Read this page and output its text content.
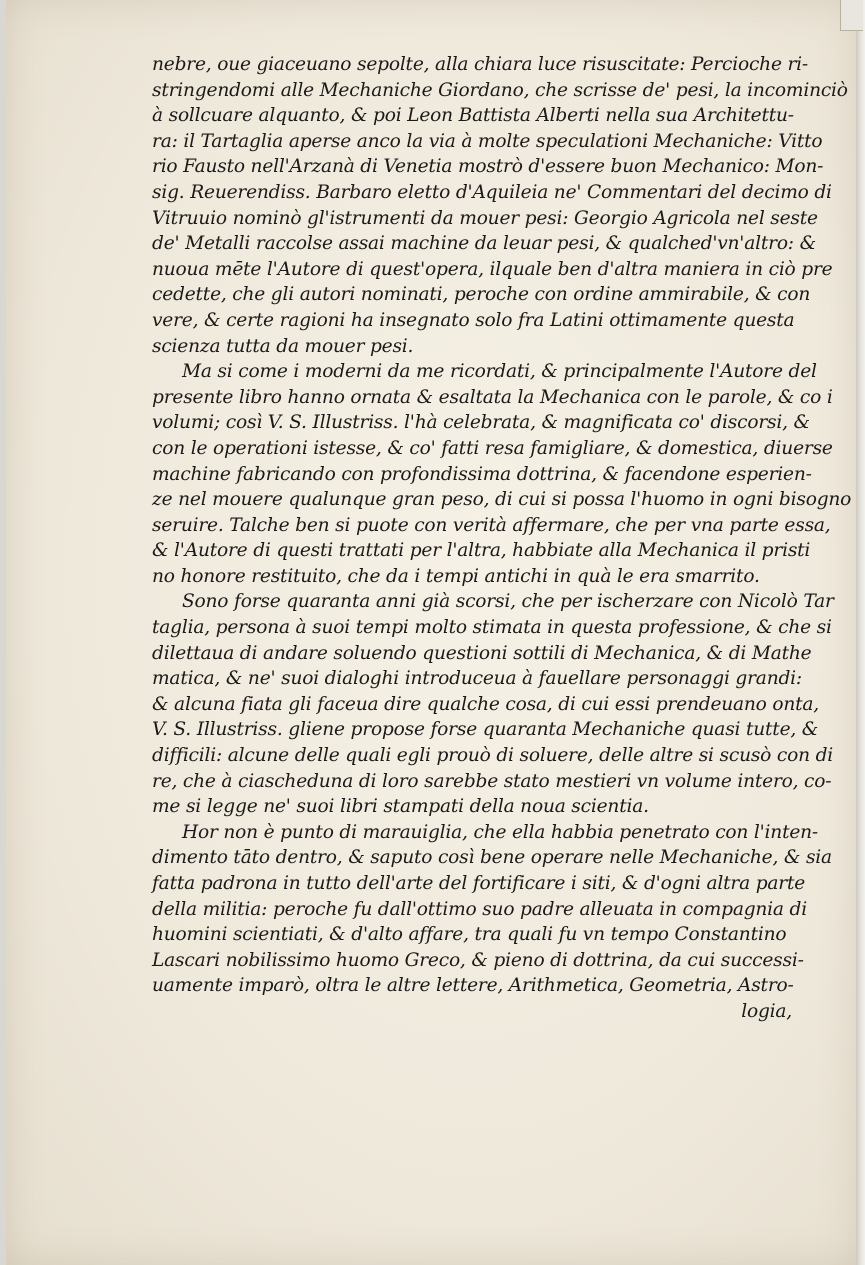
nebre, oue giaceuano sepolte, alla chiara luce risuscitate: Percioche ri-
stringendomi alle Mechaniche Giordano, che scrisse de' pesi, la incominciò
à sollcuare alquanto, & poi Leon Battista Alberti nella sua Architettu-
ra: il Tartaglia aperse anco la via à molte speculationi Mechaniche: Vitto
rio Fausto nell'Arzanà di Venetia mostrò d'essere buon Mechanico: Mon-
sig. Reuerendiss. Barbaro eletto d'Aquileia ne' Commentari del decimo di
Vitruuio nominò gl'istrumenti da mouer pesi: Georgio Agricola nel seste
de' Metalli raccolse assai machine da leuar pesi, & qualched'vn'altro: &
nuoua mēte l'Autore di quest'opera, ilquale ben d'altra maniera in ciò pre
cedette, che gli autori nominati, peroche con ordine ammirabile, & con
vere, & certe ragioni ha insegnato solo fra Latini ottimamente questa
scienza tutta da mouer pesi.
Ma si come i moderni da me ricordati, & principalmente l'Autore del
presente libro hanno ornata & esaltata la Mechanica con le parole, & co i
volumi; così V. S. Illustriss. l'hà celebrata, & magnificata co' discorsi, &
con le operationi istesse, & co' fatti resa famigliare, & domestica, diuerse
machine fabricando con profondissima dottrina, & facendone esperien-
ze nel mouere qualunque gran peso, di cui si possa l'huomo in ogni bisogno
seruire. Talche ben si puote con verità affermare, che per vna parte essa,
& l'Autore di questi trattati per l'altra, habbiate alla Mechanica il pristi
no honore restituito, che da i tempi antichi in quà le era smarrito.
Sono forse quaranta anni già scorsi, che per ischerzare con Nicolò Tar
taglia, persona à suoi tempi molto stimata in questa professione, & che si
dilettaua di andare soluendo questioni sottili di Mechanica, & di Mathe
matica, & ne' suoi dialoghi introduceua à fauellare personaggi grandi:
& alcuna fiata gli faceua dire qualche cosa, di cui essi prendeuano onta,
V. S. Illustriss. gliene propose forse quaranta Mechaniche quasi tutte, &
difficili: alcune delle quali egli prouò di soluere, delle altre si scusò con di
re, che à ciascheduna di loro sarebbe stato mestieri vn volume intero, co-
me si legge ne' suoi libri stampati della noua scientia.
Hor non è punto di marauiglia, che ella habbia penetrato con l'inten-
dimento tāto dentro, & saputo così bene operare nelle Mechaniche, & sia
fatta padrona in tutto dell'arte del fortificare i siti, & d'ogni altra parte
della militia: peroche fu dall'ottimo suo padre alleuata in compagnia di
huomini scientiati, & d'alto affare, tra quali fu vn tempo Constantino
Lascari nobilissimo huomo Greco, & pieno di dottrina, da cui successi-
uamente imparò, oltra le altre lettere, Arithmetica, Geometria, Astro-
logia,
